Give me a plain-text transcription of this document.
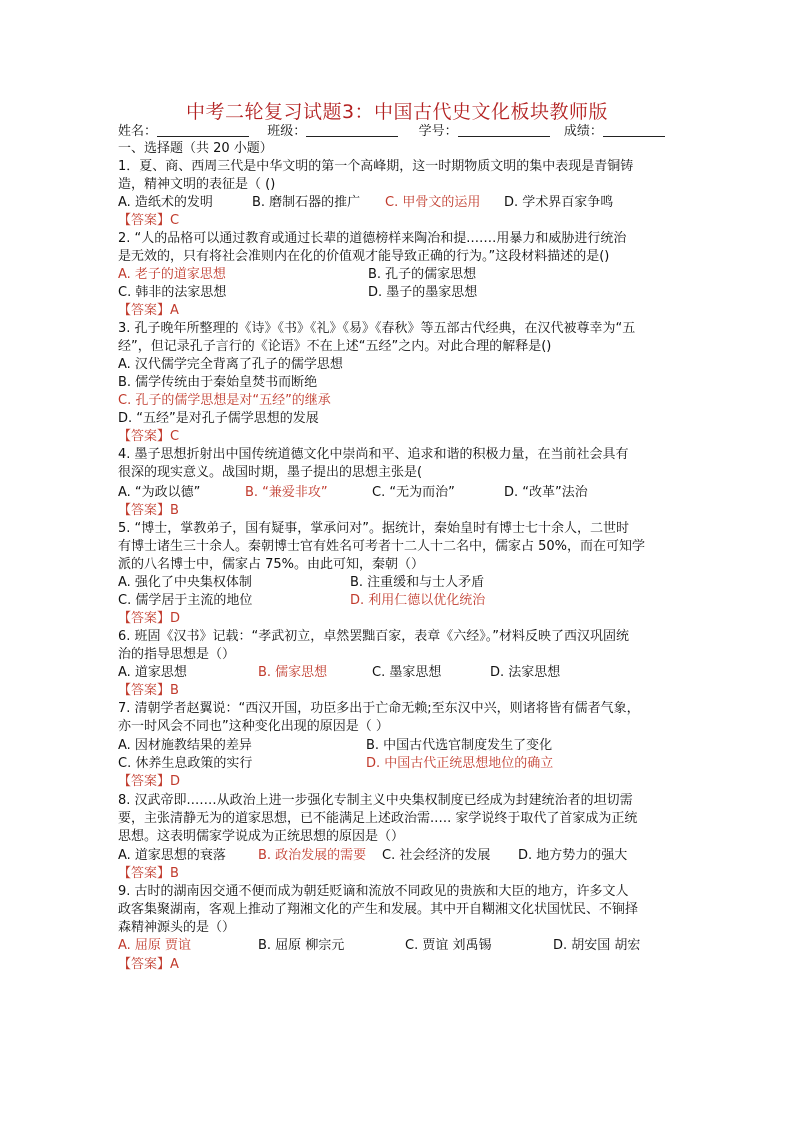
中考二轮复习试题3：中国古代史文化板块教师版
姓名：	班级：	学号：	成绩：
一、选择题（共 20 小题）
1．夏、商、西周三代是中华文明的第一个高峰期，这一时期物质文明的集中表现是青铜铸
造，精神文明的表征是（ ()
A. 造纸术的发明	B. 磨制石器的推广 C. 甲骨文的运用 D. 学术界百家争鸣
【答案】C
2. “人的品格可以通过教育或通过长辈的道德榜样来陶冶和提.……用暴力和威胁进行统治
是无效的，只有将社会准则内在化的价值观才能导致正确的行为。”这段材料描述的是()
A. 老子的道家思想	B. 孔子的儒家思想
C. 韩非的法家思想	D. 墨子的墨家思想
【答案】A
3. 孔子晚年所整理的《诗》《书》《礼》《易》《春秋》等五部古代经典，在汉代被尊幸为“五
经”，但记录孔子言行的《论语》不在上述“五经”之内。对此合理的解释是()
A. 汉代儒学完全背离了孔子的儒学思想
B. 儒学传统由于秦始皇焚书而断绝
C. 孔子的儒学思想是对“五经”的继承
D. “五经”是对孔子儒学思想的发展
【答案】C
4. 墨子思想折射出中国传统道德文化中崇尚和平、追求和谐的积极力量，在当前社会具有
很深的现实意义。战国时期，墨子提出的思想主张是(
A. “为政以德”	B. “兼爱非攻”	C. “无为而治”	D. “改革”法治
【答案】B
5. “博士，掌教弟子，国有疑事，掌承问对”。据统计，秦始皇时有博士七十余人，二世时
有博士诸生三十余人。秦朝博士官有姓名可考者十二人十二名中，儒家占 50%，而在可知学
派的八名博士中，儒家占 75%。由此可知，秦朝（）
A. 强化了中央集权体制	B. 注重缓和与士人矛盾
C. 儒学居于主流的地位	D. 利用仁德以优化统治
【答案】D
6. 班固《汉书》记载：“孝武初立，卓然罢黜百家，表章《六经》。”材料反映了西汉巩固统
治的指导思想是（）
A. 道家思想	B. 儒家思想	C. 墨家思想	D. 法家思想
【答案】B
7. 清朝学者赵翼说：“西汉开国，功臣多出于亡命无赖;至东汉中兴，则诸将皆有儒者气象，
亦一时风会不同也”这种变化出现的原因是（ ）
A. 因材施教结果的差异	B. 中国古代选官制度发生了变化
C. 休养生息政策的实行	D. 中国古代正统思想地位的确立
【答案】D
8. 汉武帝即.……从政治上进一步强化专制主义中央集权制度已经成为封建统治者的坦切需
要，主张清静无为的道家思想，已不能满足上述政治需.…. 家学说终于取代了首家成为正统
思想。这表明儒家学说成为正统思想的原因是（）
A. 道家思想的衰落 B. 政治发展的需要 C. 社会经济的发展 D. 地方势力的强大
【答案】B
9. 古时的湖南因交通不便而成为朝廷贬谪和流放不同政见的贵族和大臣的地方，许多文人
政客集聚湖南，客观上推动了翔湘文化的产生和发展。其中开自糊湘文化状国忧民、不锏择
森精神源头的是（）
A. 屈原 贾谊	B. 屈原 柳宗元	C. 贾谊 刘禹锡	D. 胡安国 胡宏
【答案】A
